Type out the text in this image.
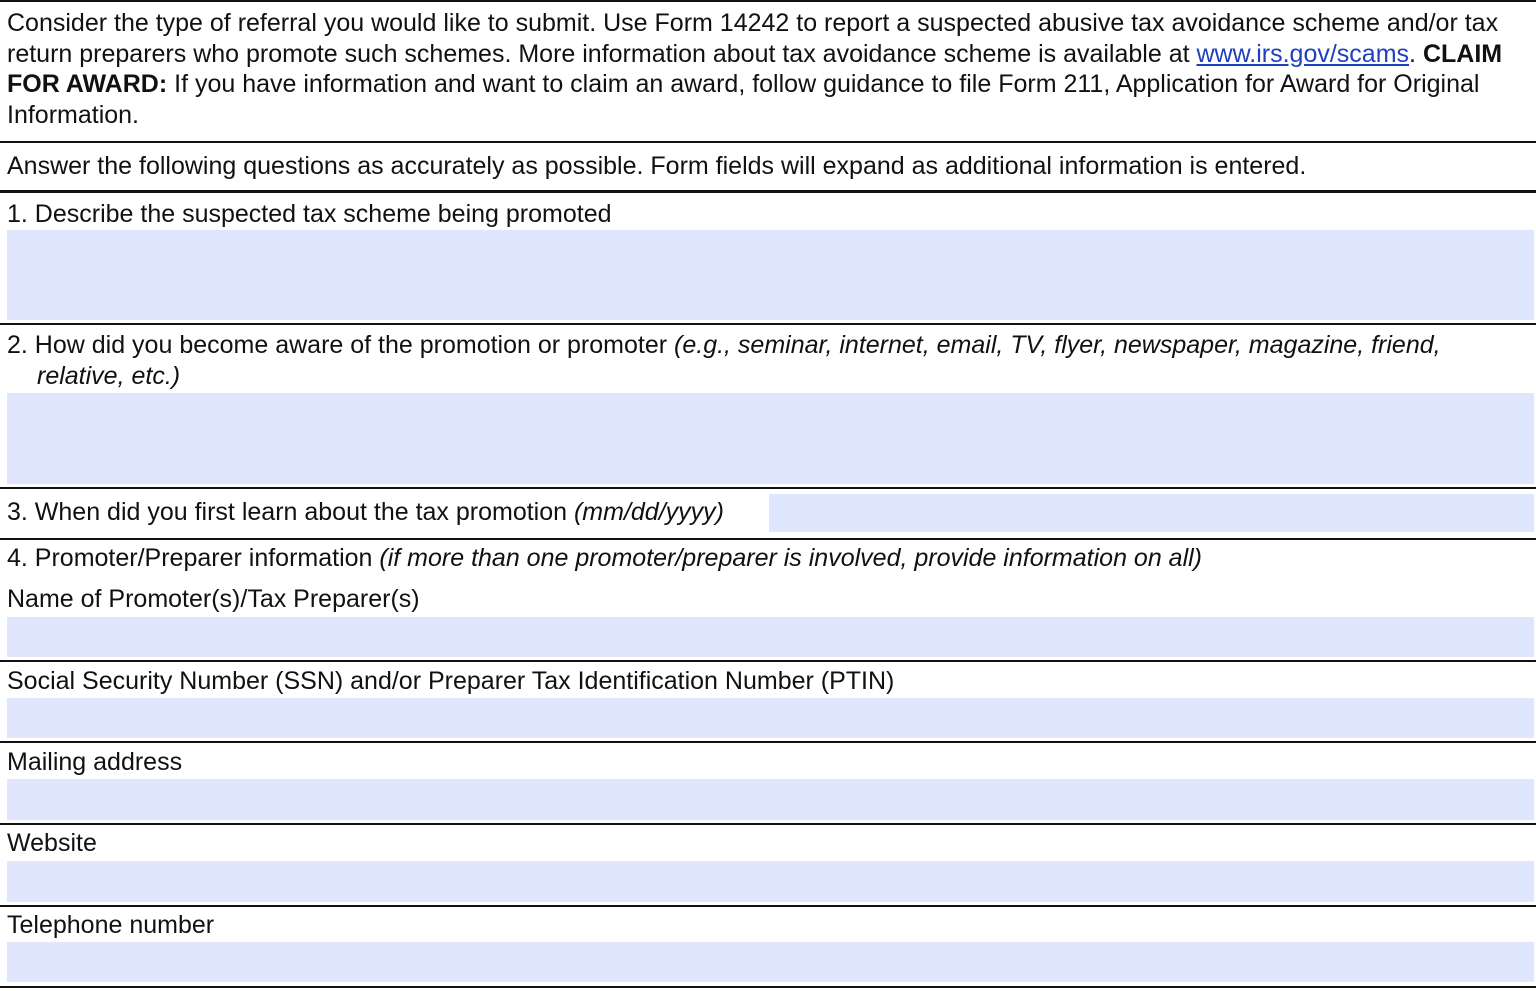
Consider the type of referral you would like to submit. Use Form 14242 to report a suspected abusive tax avoidance scheme and/or tax return preparers who promote such schemes. More information about tax avoidance scheme is available at www.irs.gov/scams. CLAIM FOR AWARD: If you have information and want to claim an award, follow guidance to file Form 211, Application for Award for Original Information.
Answer the following questions as accurately as possible. Form fields will expand as additional information is entered.
1. Describe the suspected tax scheme being promoted
2. How did you become aware of the promotion or promoter (e.g., seminar, internet, email, TV, flyer, newspaper, magazine, friend, relative, etc.)
3. When did you first learn about the tax promotion (mm/dd/yyyy)
4. Promoter/Preparer information (if more than one promoter/preparer is involved, provide information on all)
Name of Promoter(s)/Tax Preparer(s)
Social Security Number (SSN) and/or Preparer Tax Identification Number (PTIN)
Mailing address
Website
Telephone number
